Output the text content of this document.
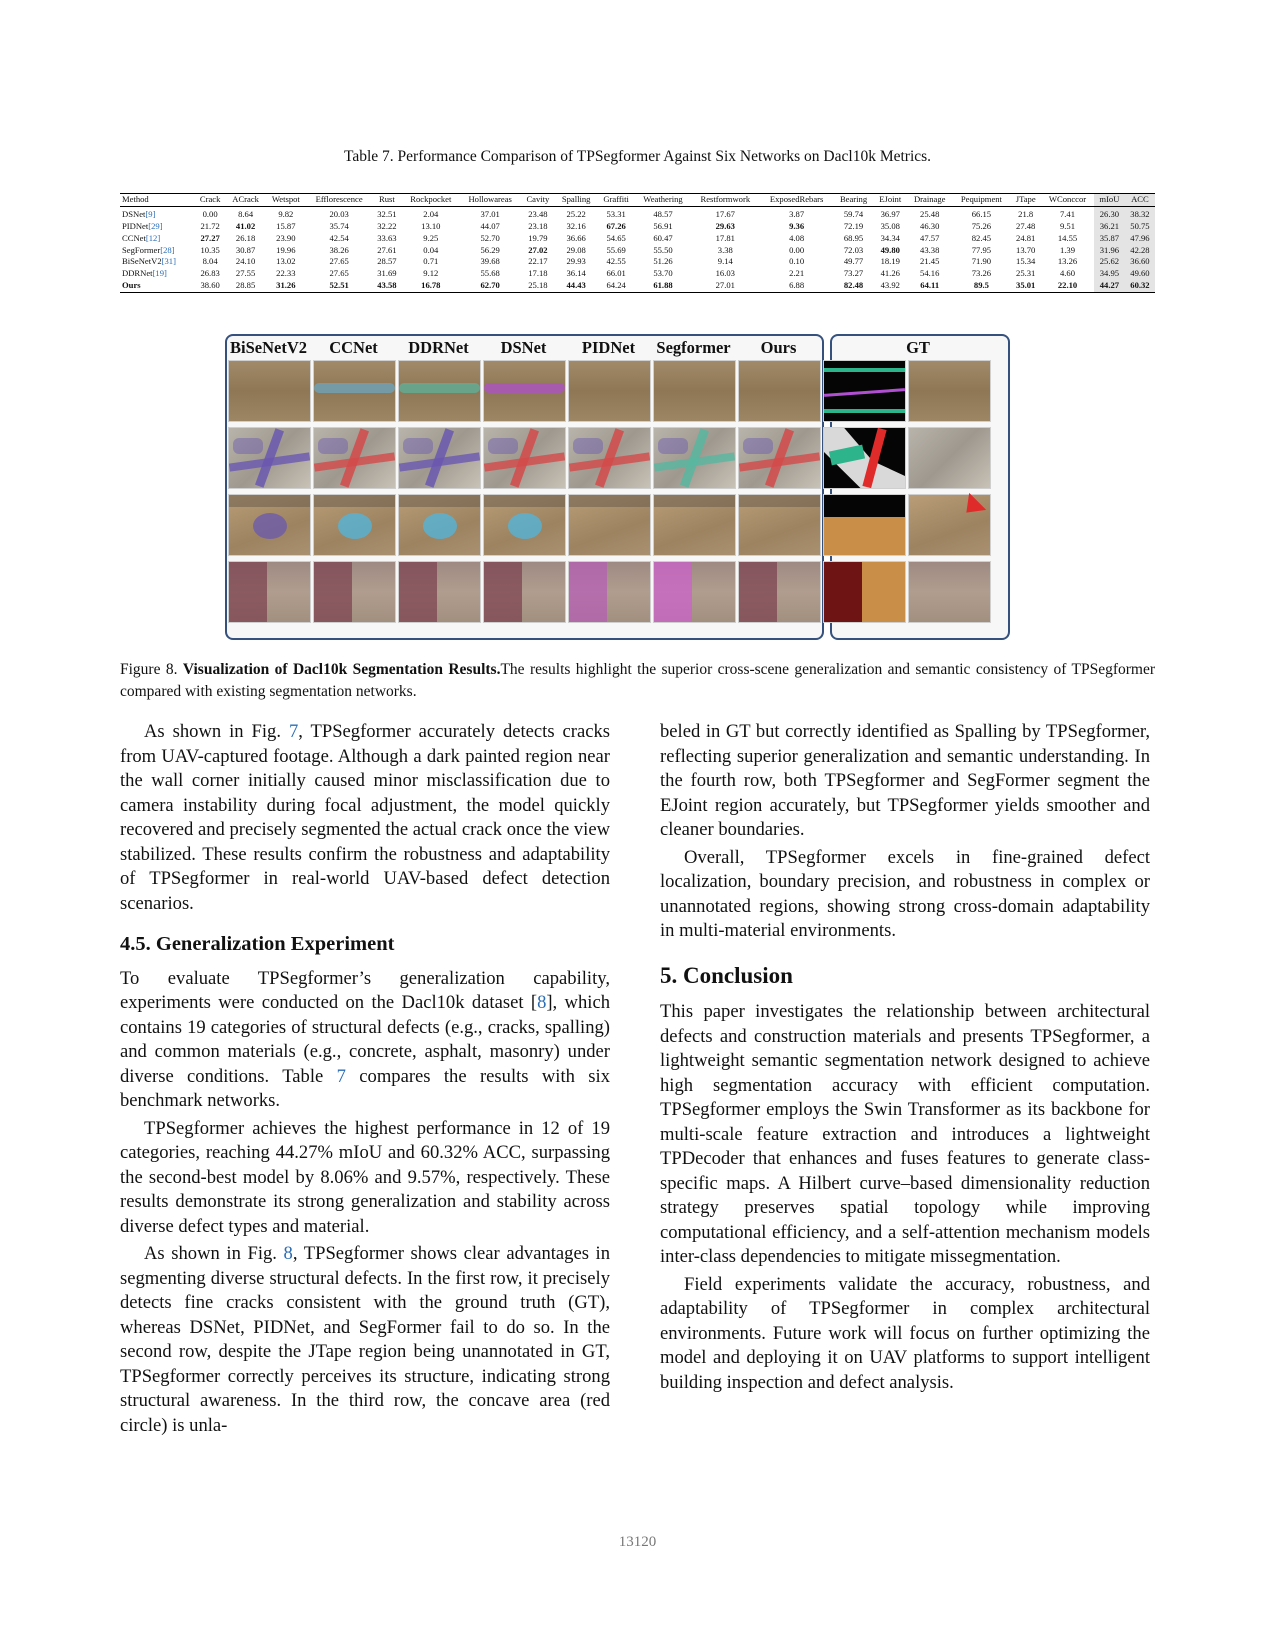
Table 7. Performance Comparison of TPSegformer Against Six Networks on Dacl10k Metrics.
Method	Crack	ACrack	Wetspot	Efflorescence	Rust	Rockpocket	Hollowareas	Cavity	Spalling	Graffiti	Weathering	Restformwork	ExposedRebars	Bearing	EJoint	Drainage	Pequipment	JTape	WConccor	mIoU	ACC
DSNet[9]	0.00	8.64	9.82	20.03	32.51	2.04	37.01	23.48	25.22	53.31	48.57	17.67	3.87	59.74	36.97	25.48	66.15	21.8	7.41	26.30	38.32
PIDNet[29]	21.72	41.02	15.87	35.74	32.22	13.10	44.07	23.18	32.16	67.26	56.91	29.63	9.36	72.19	35.08	46.30	75.26	27.48	9.51	36.21	50.75
CCNet[12]	27.27	26.18	23.90	42.54	33.63	9.25	52.70	19.79	36.66	54.65	60.47	17.81	4.08	68.95	34.34	47.57	82.45	24.81	14.55	35.87	47.96
SegFormer[28]	10.35	30.87	19.96	38.26	27.61	0.04	56.29	27.02	29.08	55.69	55.50	3.38	0.00	72.03	49.80	43.38	77.95	13.70	1.39	31.96	42.28
BiSeNetV2[31]	8.04	24.10	13.02	27.65	28.57	0.71	39.68	22.17	29.93	42.55	51.26	9.14	0.10	49.77	18.19	21.45	71.90	15.34	13.26	25.62	36.60
DDRNet[19]	26.83	27.55	22.33	27.65	31.69	9.12	55.68	17.18	36.14	66.01	53.70	16.03	2.21	73.27	41.26	54.16	73.26	25.31	4.60	34.95	49.60
Ours	38.60	28.85	31.26	52.51	43.58	16.78	62.70	25.18	44.43	64.24	61.88	27.01	6.88	82.48	43.92	64.11	89.5	35.01	22.10	44.27	60.32
BiSeNetV2	CCNet	DDRNet	DSNet	PIDNet	Segformer	Ours	GT
Figure 8. Visualization of Dacl10k Segmentation Results.The results highlight the superior cross-scene generalization and semantic consistency of TPSegformer compared with existing segmentation networks.

As shown in Fig. 7, TPSegformer accurately detects cracks from UAV-captured footage. Although a dark painted region near the wall corner initially caused minor misclassification due to camera instability during focal adjustment, the model quickly recovered and precisely segmented the actual crack once the view stabilized. These results confirm the robustness and adaptability of TPSegformer in real-world UAV-based defect detection scenarios.

4.5. Generalization Experiment

To evaluate TPSegformer’s generalization capability, experiments were conducted on the Dacl10k dataset [8], which contains 19 categories of structural defects (e.g., cracks, spalling) and common materials (e.g., concrete, asphalt, masonry) under diverse conditions. Table 7 compares the results with six benchmark networks.

TPSegformer achieves the highest performance in 12 of 19 categories, reaching 44.27% mIoU and 60.32% ACC, surpassing the second-best model by 8.06% and 9.57%, respectively. These results demonstrate its strong generalization and stability across diverse defect types and material.

As shown in Fig. 8, TPSegformer shows clear advantages in segmenting diverse structural defects. In the first row, it precisely detects fine cracks consistent with the ground truth (GT), whereas DSNet, PIDNet, and SegFormer fail to do so. In the second row, despite the JTape region being unannotated in GT, TPSegformer correctly perceives its structure, indicating strong structural awareness. In the third row, the concave area (red circle) is unla-

beled in GT but correctly identified as Spalling by TPSegformer, reflecting superior generalization and semantic understanding. In the fourth row, both TPSegformer and SegFormer segment the EJoint region accurately, but TPSegformer yields smoother and cleaner boundaries.

Overall, TPSegformer excels in fine-grained defect localization, boundary precision, and robustness in complex or unannotated regions, showing strong cross-domain adaptability in multi-material environments.

5. Conclusion

This paper investigates the relationship between architectural defects and construction materials and presents TPSegformer, a lightweight semantic segmentation network designed to achieve high segmentation accuracy with efficient computation. TPSegformer employs the Swin Transformer as its backbone for multi-scale feature extraction and introduces a lightweight TPDecoder that enhances and fuses features to generate class-specific maps. A Hilbert curve–based dimensionality reduction strategy preserves spatial topology while improving computational efficiency, and a self-attention mechanism models inter-class dependencies to mitigate missegmentation.

Field experiments validate the accuracy, robustness, and adaptability of TPSegformer in complex architectural environments. Future work will focus on further optimizing the model and deploying it on UAV platforms to support intelligent building inspection and defect analysis.

13120
